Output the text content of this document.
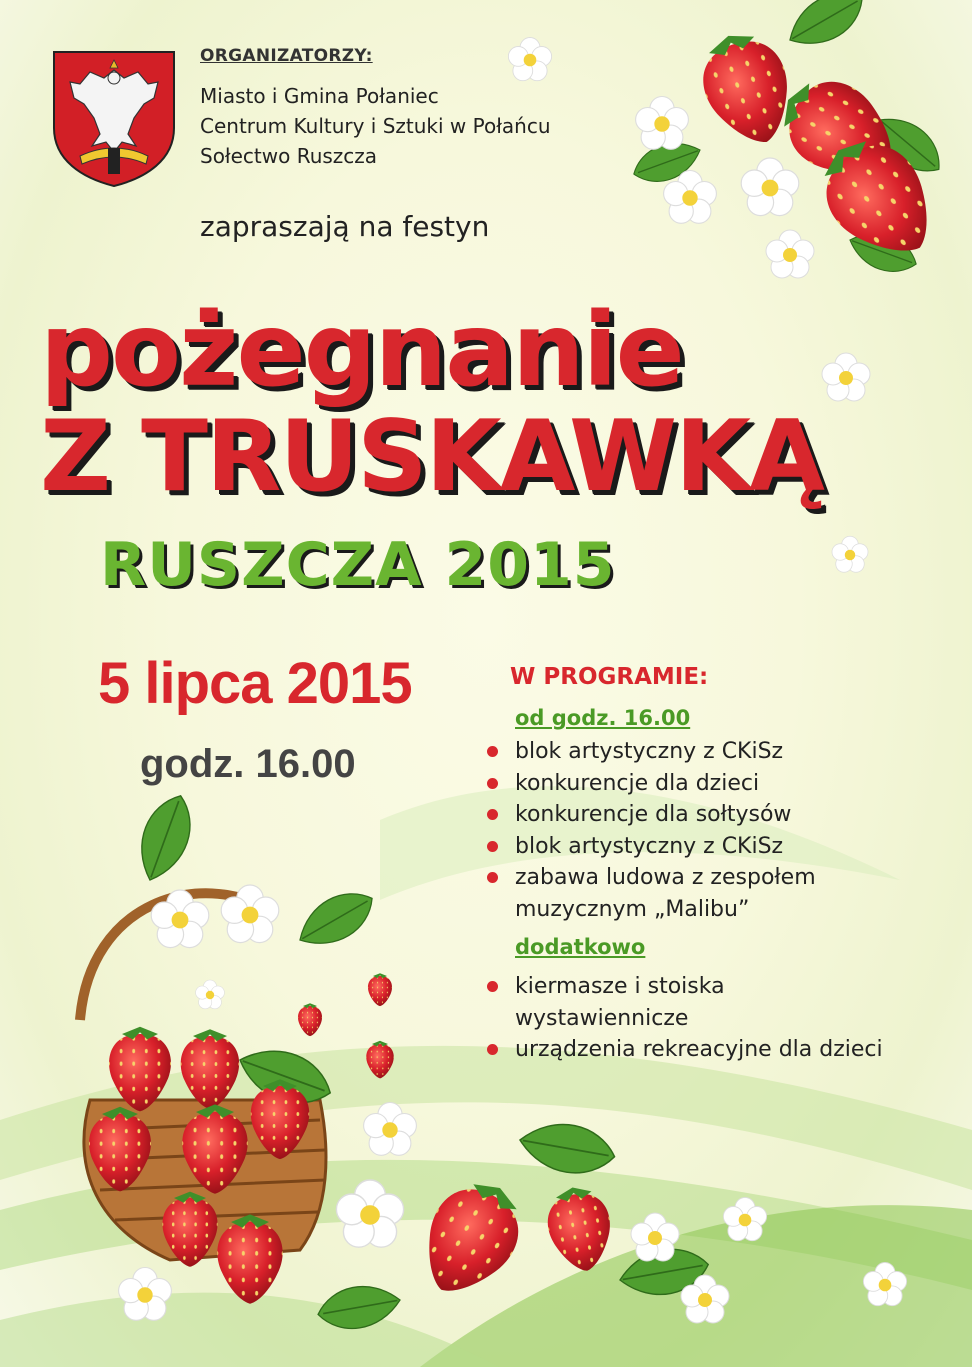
ORGANIZATORZY:
Miasto i Gmina Połaniec
Centrum Kultury i Sztuki w Połańcu
Sołectwo Ruszcza
zapraszają na festyn
pożegnanie
Z TRUSKAWKĄ
RUSZCZA 2015
5 lipca 2015
godz. 16.00
W PROGRAMIE:
od godz. 16.00
blok artystyczny z CKiSz
konkurencje dla dzieci
konkurencje dla sołtysów
blok artystyczny z CKiSz
zabawa ludowa z zespołem
muzycznym „Malibu”
dodatkowo
kiermasze i stoiska
wystawiennicze
urządzenia rekreacyjne dla dzieci
